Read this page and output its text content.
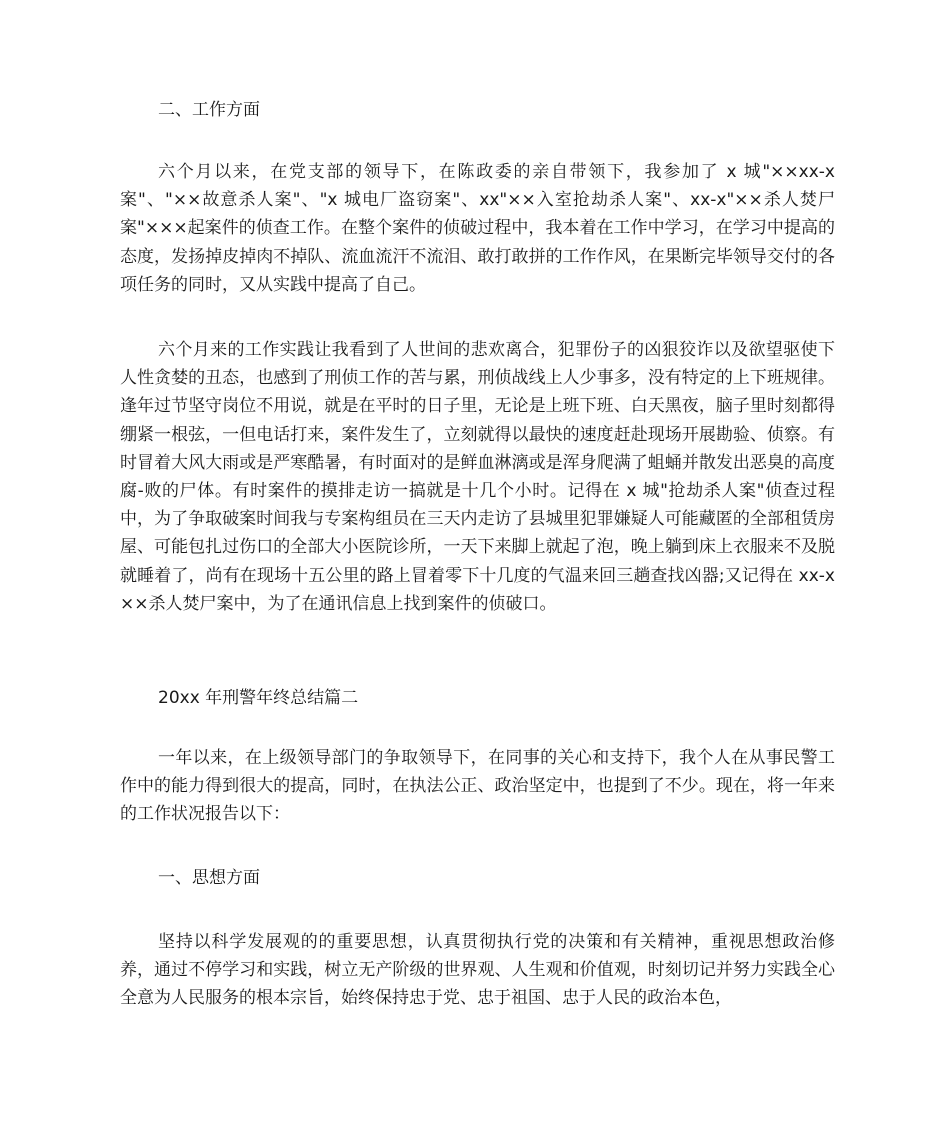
二、工作方面
六个月以来，在党支部的领导下，在陈政委的亲自带领下，我参加了 x 城"××xx-x案"、"××故意杀人案"、"x 城电厂盗窃案"、xx"××入室抢劫杀人案"、xx-x"××杀人焚尸案"×××起案件的侦查工作。在整个案件的侦破过程中，我本着在工作中学习，在学习中提高的态度，发扬掉皮掉肉不掉队、流血流汗不流泪、敢打敢拼的工作作风，在果断完毕领导交付的各项任务的同时，又从实践中提高了自己。
六个月来的工作实践让我看到了人世间的悲欢离合，犯罪份子的凶狠狡诈以及欲望驱使下人性贪婪的丑态，也感到了刑侦工作的苦与累，刑侦战线上人少事多，没有特定的上下班规律。逢年过节坚守岗位不用说，就是在平时的日子里，无论是上班下班、白天黑夜，脑子里时刻都得绷紧一根弦，一但电话打来，案件发生了，立刻就得以最快的速度赶赴现场开展勘验、侦察。有时冒着大风大雨或是严寒酷暑，有时面对的是鲜血淋漓或是浑身爬满了蛆蛹并散发出恶臭的高度腐-败的尸体。有时案件的摸排走访一搞就是十几个小时。记得在 x 城"抢劫杀人案"侦查过程中，为了争取破案时间我与专案构组员在三天内走访了县城里犯罪嫌疑人可能藏匿的全部租赁房屋、可能包扎过伤口的全部大小医院诊所，一天下来脚上就起了泡，晚上躺到床上衣服来不及脱就睡着了，尚有在现场十五公里的路上冒着零下十几度的气温来回三趟查找凶器;又记得在 xx-x××杀人焚尸案中，为了在通讯信息上找到案件的侦破口。
20xx 年刑警年终总结篇二
一年以来，在上级领导部门的争取领导下，在同事的关心和支持下，我个人在从事民警工作中的能力得到很大的提高，同时，在执法公正、政治坚定中，也提到了不少。现在，将一年来的工作状况报告以下：
一、思想方面
坚持以科学发展观的的重要思想，认真贯彻执行党的决策和有关精神，重视思想政治修养，通过不停学习和实践，树立无产阶级的世界观、人生观和价值观，时刻切记并努力实践全心全意为人民服务的根本宗旨，始终保持忠于党、忠于祖国、忠于人民的政治本色，
